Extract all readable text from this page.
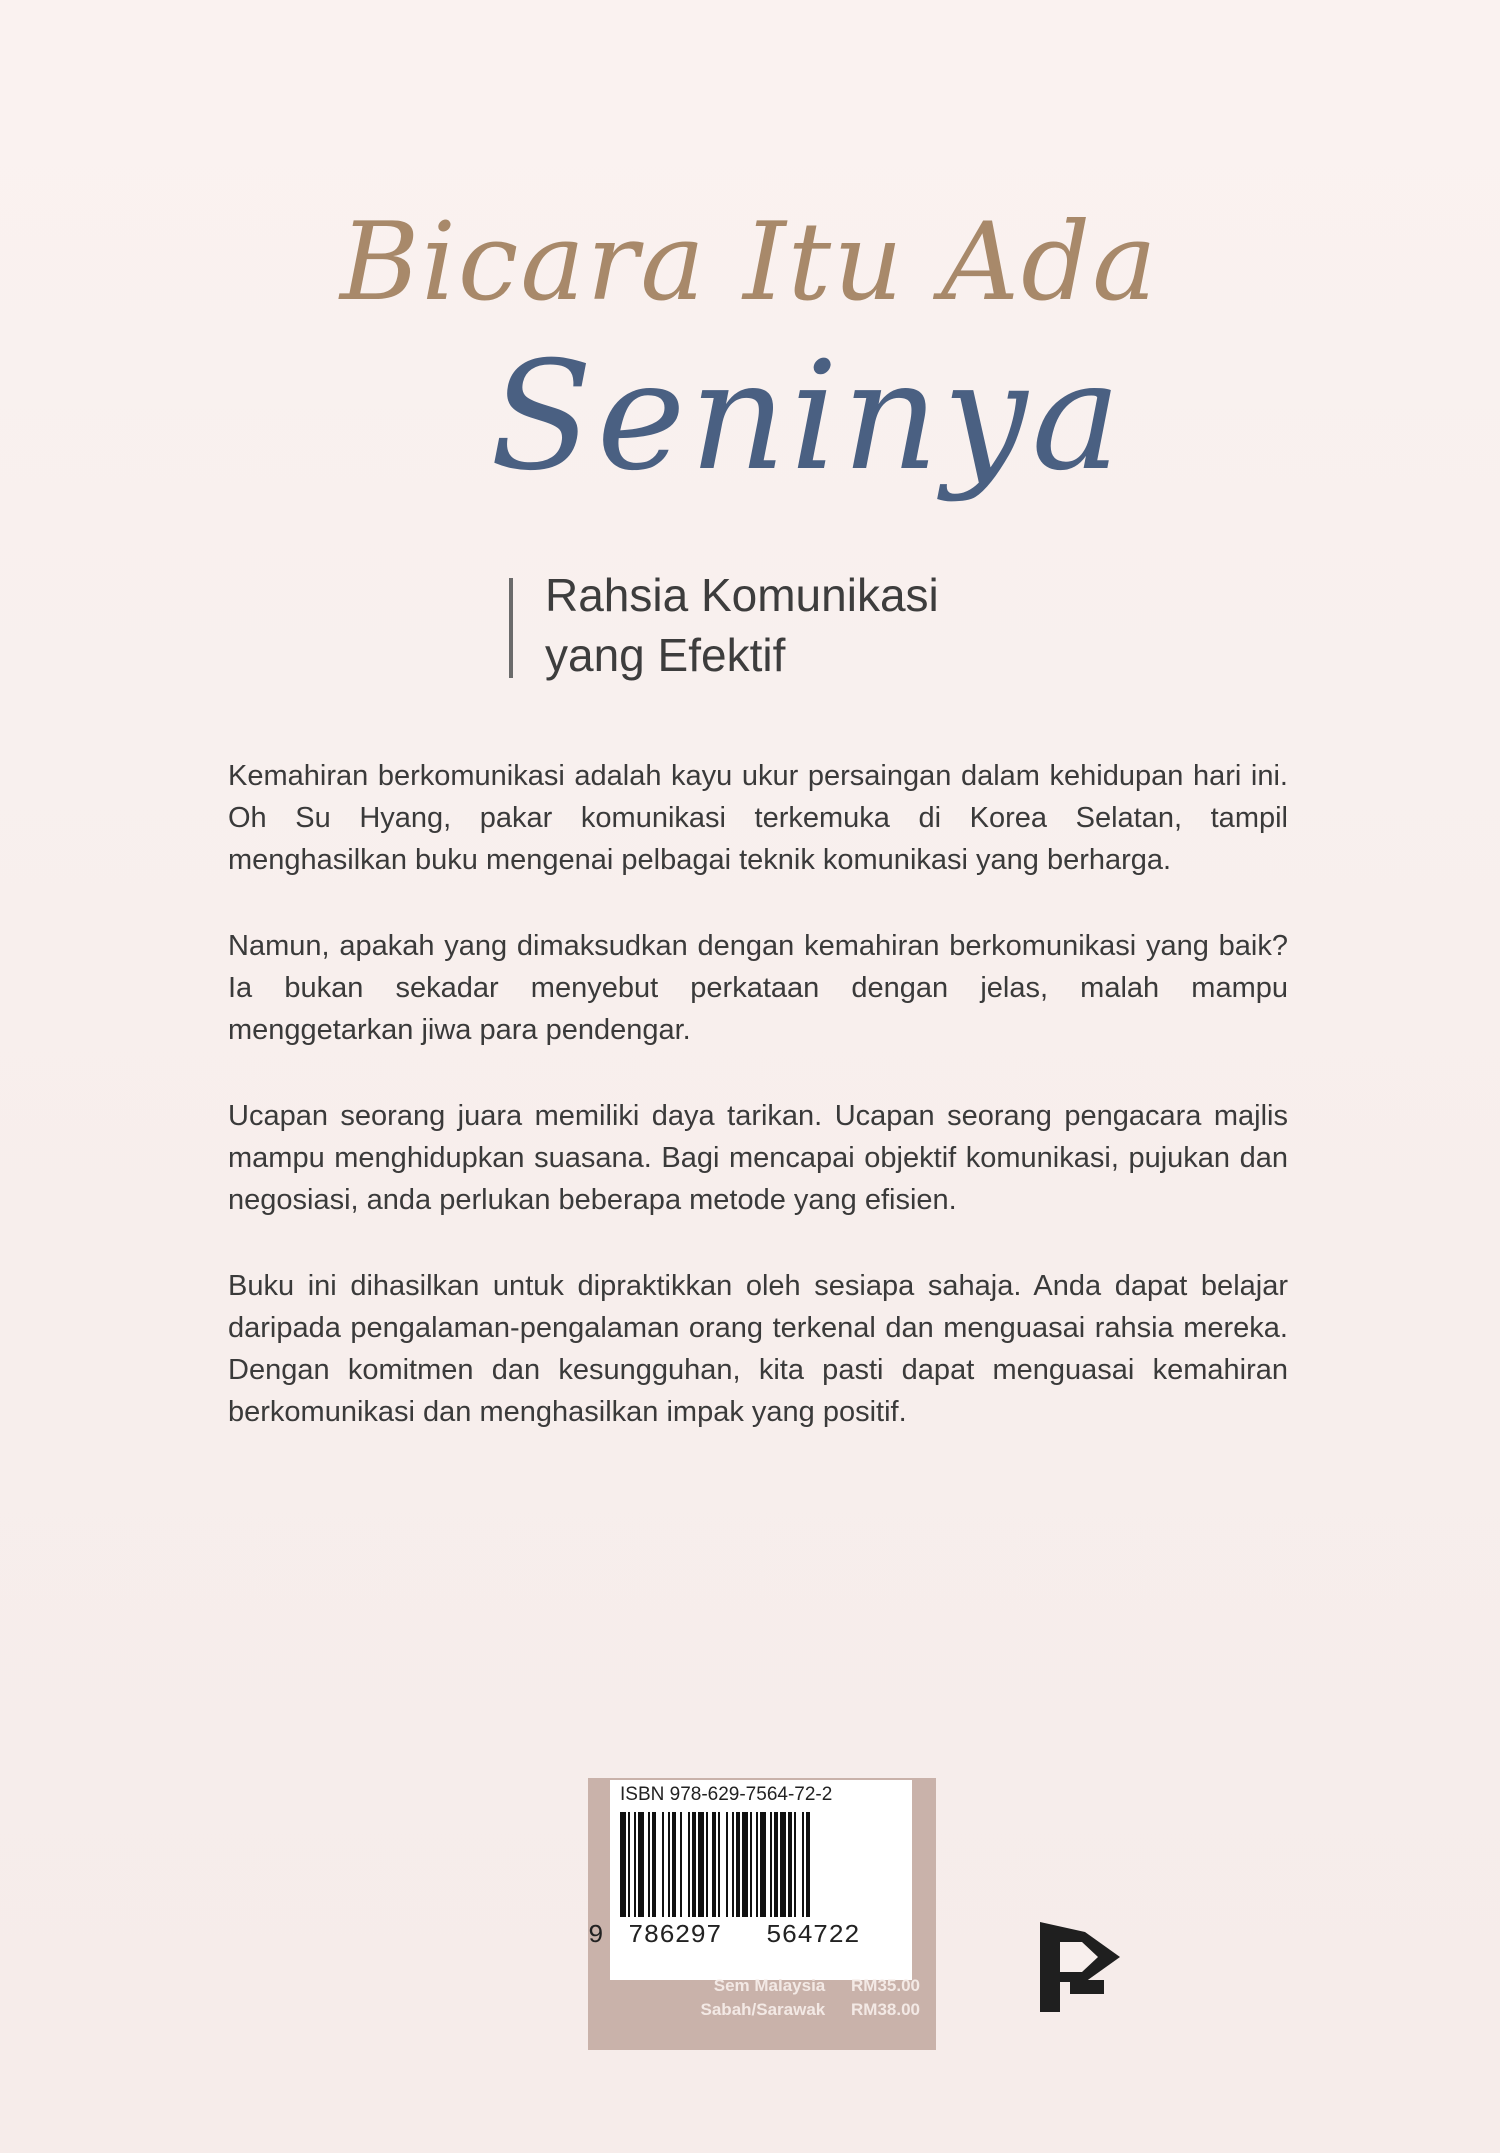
Bicara Itu Ada
Seninya
Rahsia Komunikasi
yang Efektif

Kemahiran berkomunikasi adalah kayu ukur persaingan dalam kehidupan hari ini. Oh Su Hyang, pakar komunikasi terkemuka di Korea Selatan, tampil menghasilkan buku mengenai pelbagai teknik komunikasi yang berharga.

Namun, apakah yang dimaksudkan dengan kemahiran berkomunikasi yang baik? Ia bukan sekadar menyebut perkataan dengan jelas, malah mampu menggetarkan jiwa para pendengar.

Ucapan seorang juara memiliki daya tarikan. Ucapan seorang pengacara majlis mampu menghidupkan suasana. Bagi mencapai objektif komunikasi, pujukan dan negosiasi, anda perlukan beberapa metode yang efisien.

Buku ini dihasilkan untuk dipraktikkan oleh sesiapa sahaja. Anda dapat belajar daripada pengalaman-pengalaman orang terkenal dan menguasai rahsia mereka. Dengan komitmen dan kesungguhan, kita pasti dapat menguasai kemahiran berkomunikasi dan menghasilkan impak yang positif.

ISBN 978-629-7564-72-2
9 786297 564722
Sem Malaysia RM35.00
Sabah/Sarawak RM38.00
